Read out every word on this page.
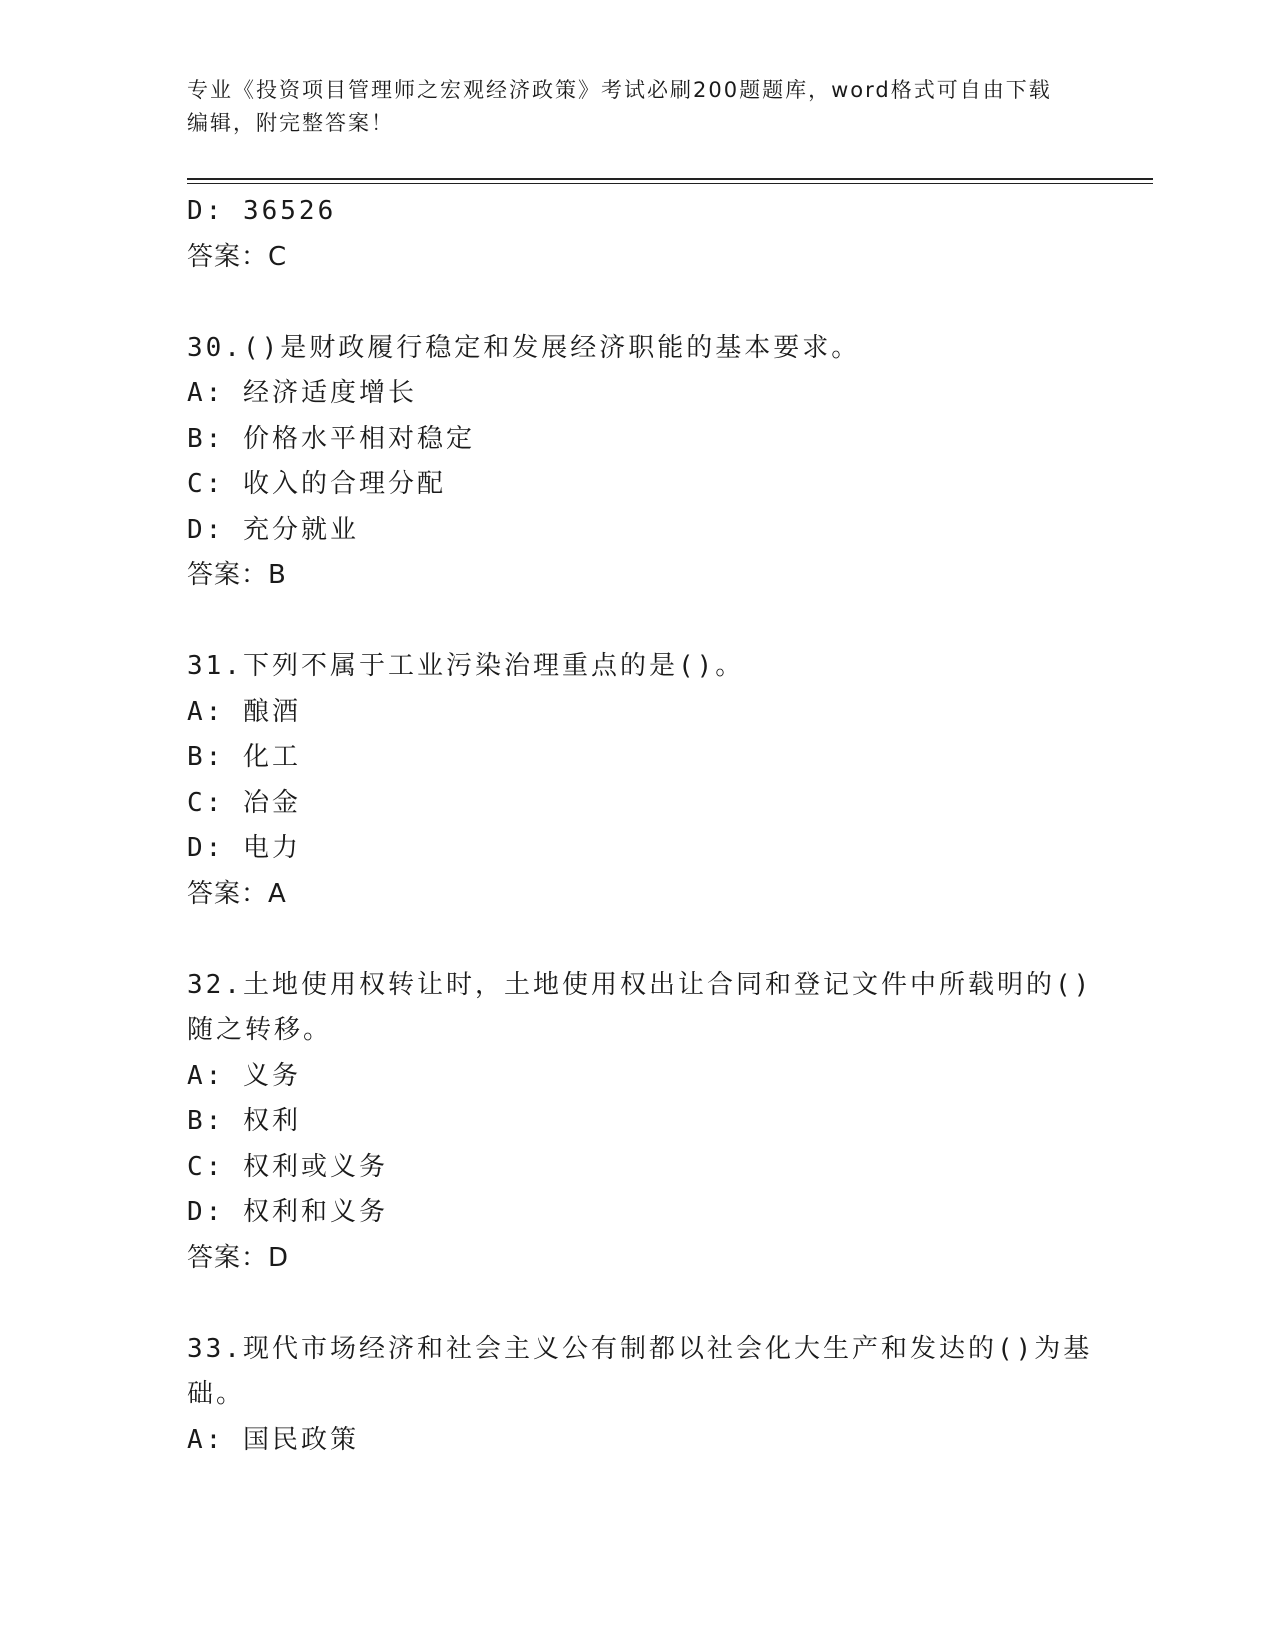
专业《投资项目管理师之宏观经济政策》考试必刷200题题库，word格式可自由下载编辑，附完整答案！
D: 36526
答案：C
30.()是财政履行稳定和发展经济职能的基本要求。
A: 经济适度增长
B: 价格水平相对稳定
C: 收入的合理分配
D: 充分就业
答案：B
31.下列不属于工业污染治理重点的是()。
A: 酿酒
B: 化工
C: 冶金
D: 电力
答案：A
32.土地使用权转让时，土地使用权出让合同和登记文件中所载明的()
随之转移。
A: 义务
B: 权利
C: 权利或义务
D: 权利和义务
答案：D
33.现代市场经济和社会主义公有制都以社会化大生产和发达的()为基
础。
A: 国民政策
